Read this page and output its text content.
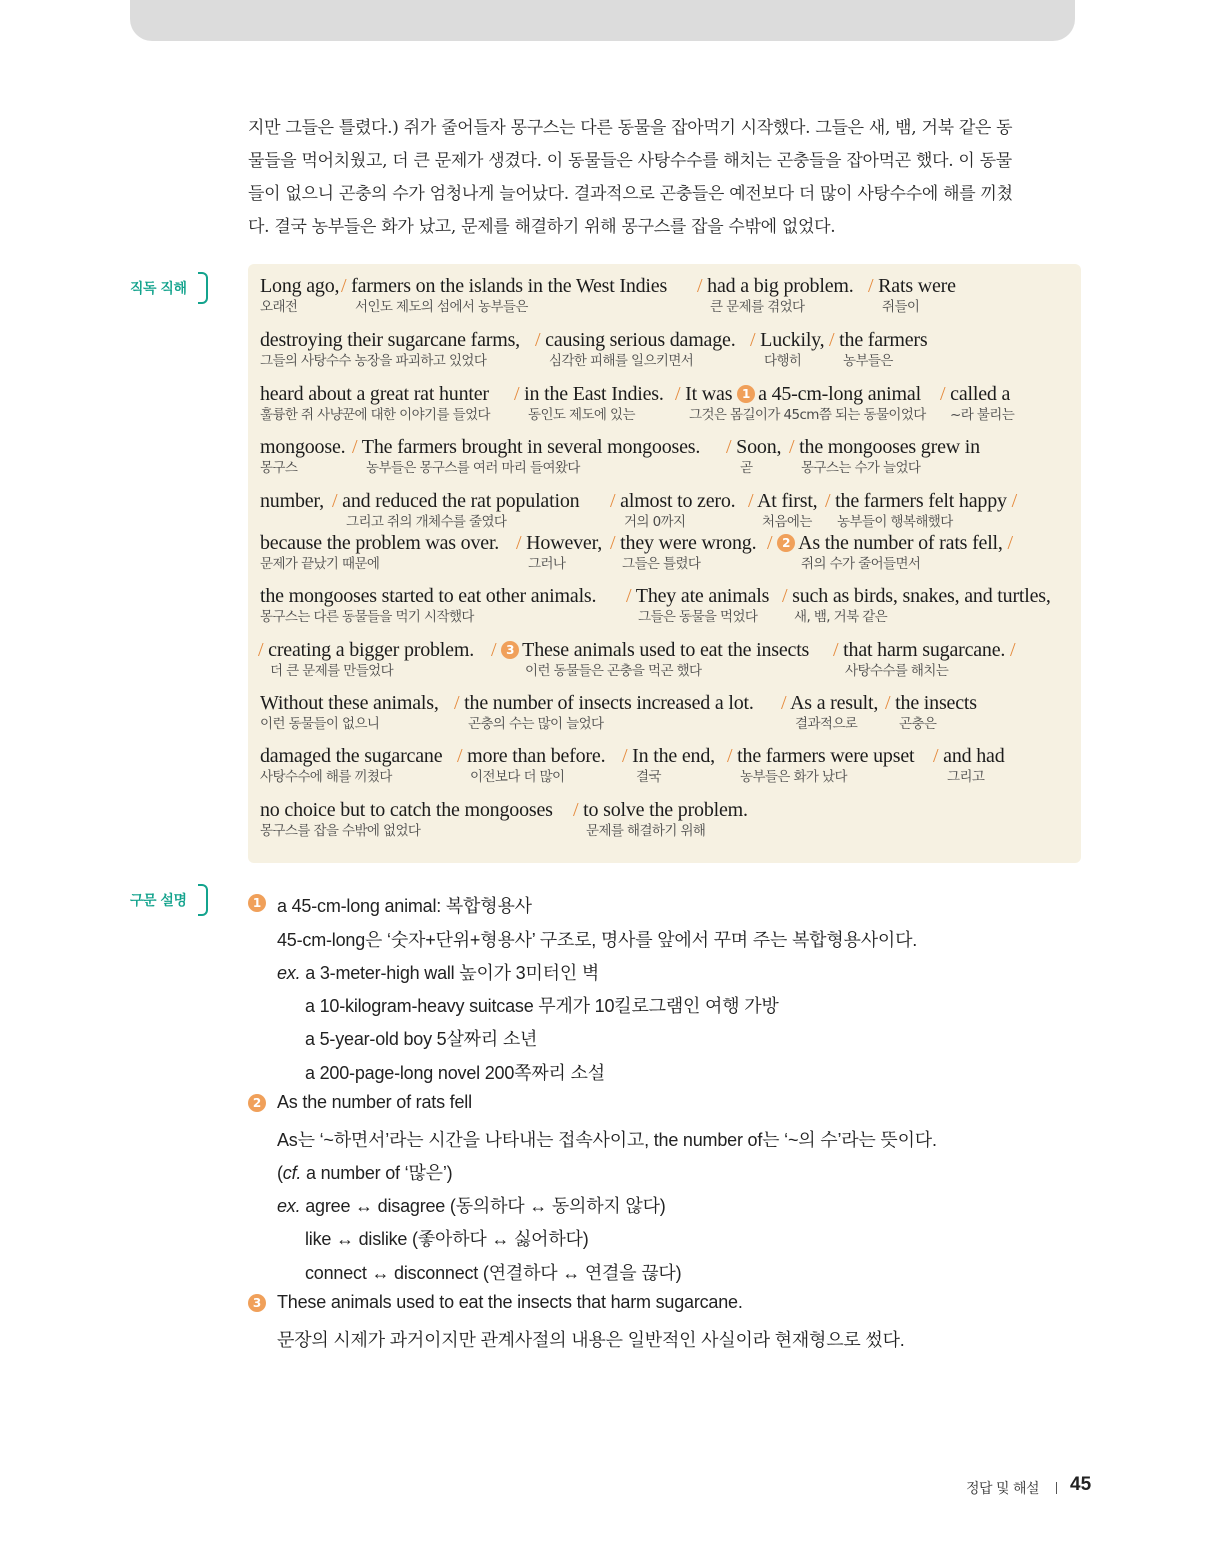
지만 그들은 틀렸다.) 쥐가 줄어들자 몽구스는 다른 동물을 잡아먹기 시작했다. 그들은 새, 뱀, 거북 같은 동
물들을 먹어치웠고, 더 큰 문제가 생겼다. 이 동물들은 사탕수수를 해치는 곤충들을 잡아먹곤 했다. 이 동물
들이 없으니 곤충의 수가 엄청나게 늘어났다. 결과적으로 곤충들은 예전보다 더 많이 사탕수수에 해를 끼쳤
다. 결국 농부들은 화가 났고, 문제를 해결하기 위해 몽구스를 잡을 수밖에 없었다.
직독 직해	Long ago,
오래전
/ farmers on the islands in the West Indies
서인도 제도의 섬에서 농부들은
/ had a big problem.
큰 문제를 겪었다
/ Rats were
쥐들이
destroying their sugarcane farms,
그들의 사탕수수 농장을 파괴하고 있었다
/ causing serious damage.
심각한 피해를 일으키면서
/ Luckily,
다행히
/ the farmers
농부들은
heard about a great rat hunter
훌륭한 쥐 사냥꾼에 대한 이야기를 들었다
/ in the East Indies.
동인도 제도에 있는
/ It was 1 a 45-cm-long animal
그것은 몸길이가 45cm쯤 되는 동물이었다
/ called a
~라 불리는
mongoose.
몽구스
/ The farmers brought in several mongooses.
농부들은 몽구스를 여러 마리 들여왔다
/ Soon,
곧
/ the mongooses grew in
몽구스는 수가 늘었다
number, / and reduced the rat population
그리고 쥐의 개체수를 줄였다
/ almost to zero.
거의 0까지
/ At first,
처음에는
/ the farmers felt happy /
농부들이 행복해했다
because the problem was over.
문제가 끝났기 때문에
/ However,
그러나
/ they were wrong.
그들은 틀렸다
/ 2 As the number of rats fell, /
쥐의 수가 줄어들면서
the mongooses started to eat other animals.
몽구스는 다른 동물들을 먹기 시작했다
/ They ate animals
그들은 동물을 먹었다
/ such as birds, snakes, and turtles,
새, 뱀, 거북 같은
/ creating a bigger problem.
더 큰 문제를 만들었다
/ 3 These animals used to eat the insects
이런 동물들은 곤충을 먹곤 했다
/ that harm sugarcane. /
사탕수수를 해치는
Without these animals,
이런 동물들이 없으니
/ the number of insects increased a lot.
곤충의 수는 많이 늘었다
/ As a result,
결과적으로
/ the insects
곤충은
damaged the sugarcane
사탕수수에 해를 끼쳤다
/ more than before.
이전보다 더 많이
/ In the end,
결국
/ the farmers were upset
농부들은 화가 났다
/ and had
그리고
no choice but to catch the mongooses
몽구스를 잡을 수밖에 없었다
/ to solve the problem.
문제를 해결하기 위해
구문 설명	1 a 45-cm-long animal: 복합형용사
45-cm-long은 ‘숫자+단위+형용사’ 구조로, 명사를 앞에서 꾸며 주는 복합형용사이다.
ex. a 3-meter-high wall 높이가 3미터인 벽
a 10-kilogram-heavy suitcase 무게가 10킬로그램인 여행 가방
a 5-year-old boy 5살짜리 소년
a 200-page-long novel 200쪽짜리 소설
2 As the number of rats fell
As는 ‘~하면서’라는 시간을 나타내는 접속사이고, the number of는 ‘~의 수’라는 뜻이다.
(cf. a number of ‘많은’)
ex. agree ↔ disagree (동의하다 ↔ 동의하지 않다)
like ↔ dislike (좋아하다 ↔ 싫어하다)
connect ↔ disconnect (연결하다 ↔ 연결을 끊다)
3 These animals used to eat the insects that harm sugarcane.
문장의 시제가 과거이지만 관계사절의 내용은 일반적인 사실이라 현재형으로 썼다.
정답 및 해설 45
